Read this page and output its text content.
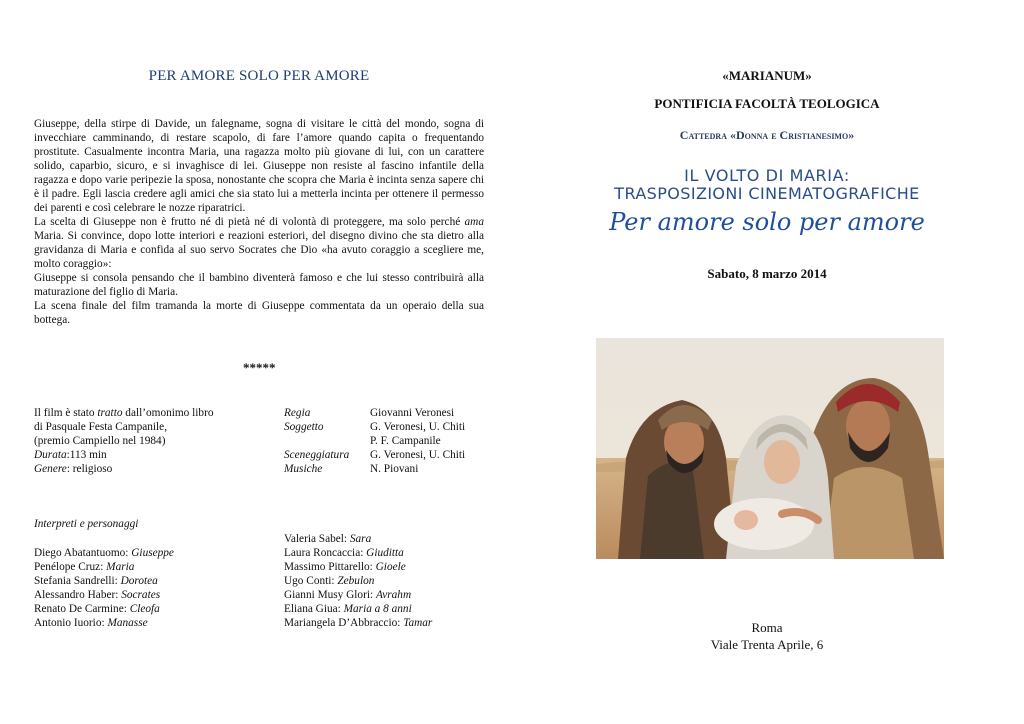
PER AMORE SOLO PER AMORE

Giuseppe, della stirpe di Davide, un falegname, sogna di visitare le città del mondo, sogna di invecchiare camminando, di restare scapolo, di fare l’amore quando capita o frequentando prostitute. Casualmente incontra Maria, una ragazza molto più giovane di lui, con un carattere solido, caparbio, sicuro, e si invaghisce di lei. Giuseppe non resiste al fascino infantile della ragazza e dopo varie peripezie la sposa, nonostante che scopra che Maria è incinta senza sapere chi è il padre. Egli lascia credere agli amici che sia stato lui a metterla incinta per ottenere il permesso dei parenti e così celebrare le nozze riparatrici.

La scelta di Giuseppe non è frutto né di pietà né di volontà di proteggere, ma solo perché ama Maria. Si convince, dopo lotte interiori e reazioni esteriori, del disegno divino che sta dietro alla gravidanza di Maria e confida al suo servo Socrates che Dio «ha avuto coraggio a scegliere me, molto coraggio»:

Giuseppe si consola pensando che il bambino diventerà famoso e che lui stesso contribuirà alla maturazione del figlio di Maria.

La scena finale del film tramanda la morte di Giuseppe commentata da un operaio della sua bottega.

*****
Il film è stato tratto dall’omonimo libro
di Pasquale Festa Campanile,
(premio Campiello nel 1984)
Durata:113 min
Genere: religioso
Regia	Giovanni Veronesi
Soggetto	G. Veronesi, U. Chiti
	P. F. Campanile
Sceneggiatura	G. Veronesi, U. Chiti
Musiche	N. Piovani
Interpreti e personaggi
Diego Abatantuomo: Giuseppe
Penélope Cruz: Maria
Stefania Sandrelli: Dorotea
Alessandro Haber: Socrates
Renato De Carmine: Cleofa
Antonio Iuorio: Manasse
Valeria Sabel: Sara
Laura Roncaccia: Giuditta
Massimo Pittarello: Gioele
Ugo Conti: Zebulon
Gianni Musy Glori: Avrahm
Eliana Giua: Maria a 8 anni
Mariangela D’Abbraccio: Tamar
«MARIANUM»
PONTIFICIA FACOLTÀ TEOLOGICA
Cattedra «Donna e Cristianesimo»
IL VOLTO DI MARIA:
TRASPOSIZIONI CINEMATOGRAFICHE
Per amore solo per amore
Sabato, 8 marzo 2014
Roma
Viale Trenta Aprile, 6
